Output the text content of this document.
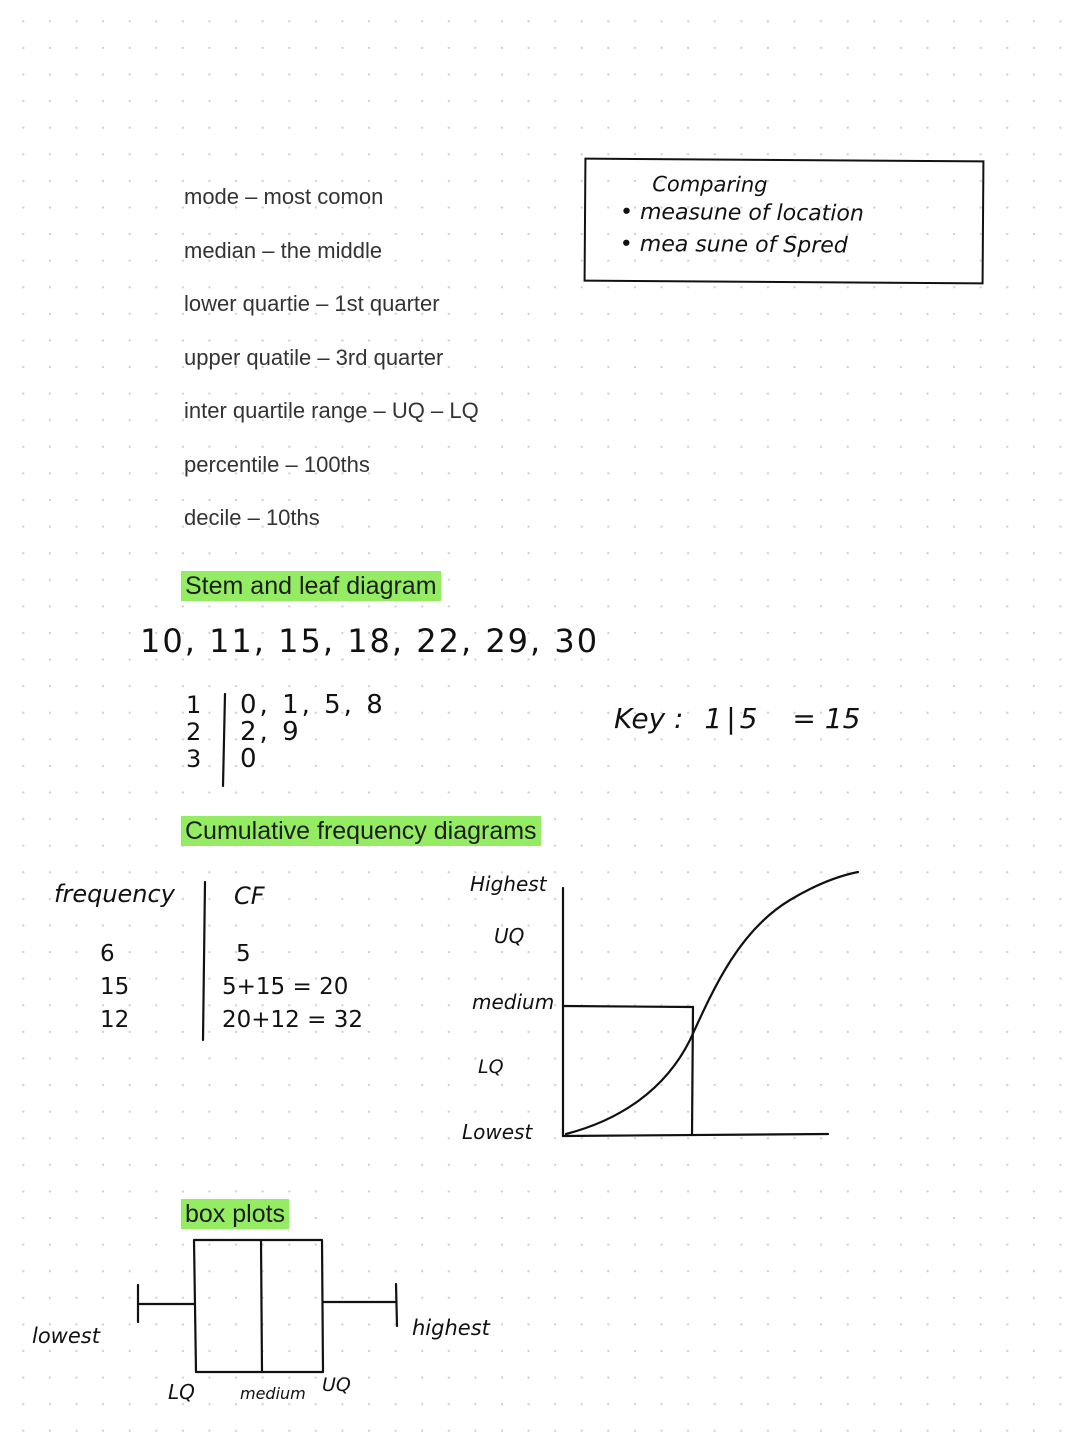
mode – most comon
median – the middle
lower quartie – 1st quarter
upper quatile – 3rd quarter
inter quartile range – UQ – LQ
percentile – 100ths
decile – 10ths
Comparing
• measune of location
• mea sune of Spred
Stem and leaf diagram
10, 11, 15, 18, 22, 29, 30
1
2
3
0, 1, 5, 8
2, 9
0
Key : 1 | 5 = 15
Cumulative frequency diagrams
frequency CF
6
15
12
5
5+15 = 20
20+12 = 32
Highest
UQ
medium
LQ
Lowest
box plots
lowest	highest
LQ	medium UQ
